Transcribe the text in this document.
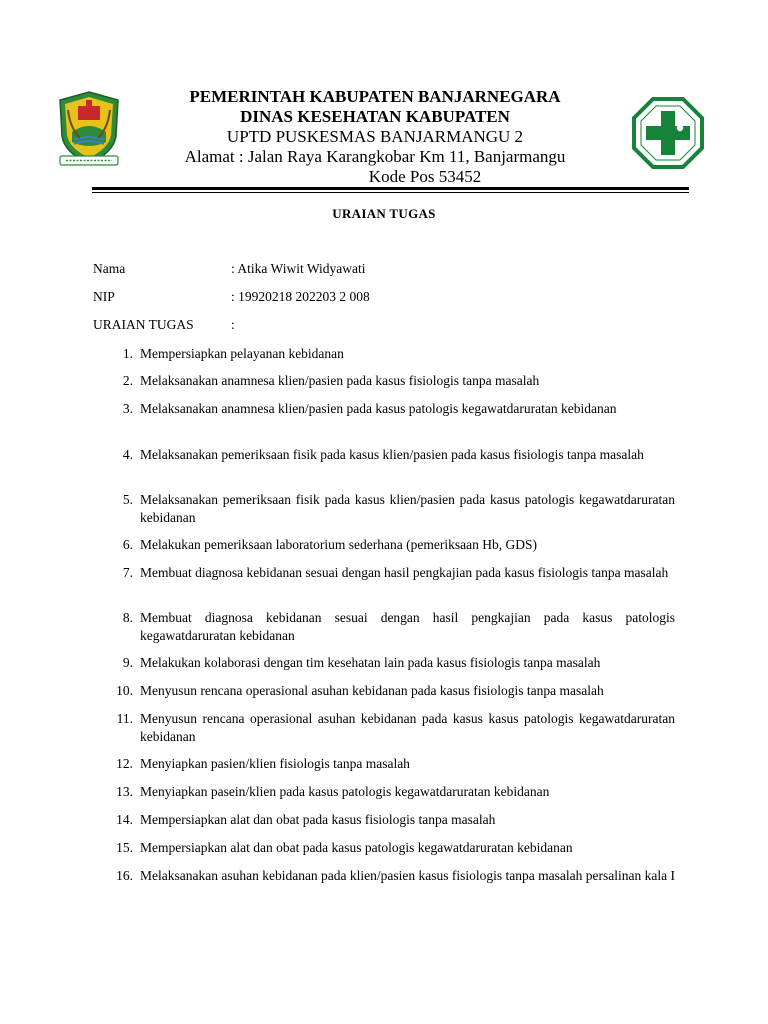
PEMERINTAH KABUPATEN BANJARNEGARA
DINAS KESEHATAN KABUPATEN
UPTD PUSKESMAS BANJARMANGU 2
Alamat : Jalan Raya Karangkobar Km 11, Banjarmangu
Kode Pos 53452
URAIAN TUGAS
Nama	: Atika Wiwit Widyawati
NIP	: 19920218 202203 2 008
URAIAN TUGAS	:
1. Mempersiapkan pelayanan kebidanan
2. Melaksanakan anamnesa klien/pasien pada kasus fisiologis tanpa masalah
3. Melaksanakan anamnesa klien/pasien pada kasus patologis kegawatdaruratan kebidanan
4. Melaksanakan pemeriksaan fisik pada kasus klien/pasien pada kasus fisiologis tanpa masalah
5. Melaksanakan pemeriksaan fisik pada kasus klien/pasien pada kasus patologis kegawatdaruratan kebidanan
6. Melakukan pemeriksaan laboratorium sederhana (pemeriksaan Hb, GDS)
7. Membuat diagnosa kebidanan sesuai dengan hasil pengkajian pada kasus fisiologis tanpa masalah
8. Membuat diagnosa kebidanan sesuai dengan hasil pengkajian pada kasus patologis kegawatdaruratan kebidanan
9. Melakukan kolaborasi dengan tim kesehatan lain pada kasus fisiologis tanpa masalah
10. Menyusun rencana operasional asuhan kebidanan pada kasus fisiologis tanpa masalah
11. Menyusun rencana operasional asuhan kebidanan pada kasus kasus patologis kegawatdaruratan kebidanan
12. Menyiapkan pasien/klien fisiologis tanpa masalah
13. Menyiapkan pasein/klien pada kasus patologis kegawatdaruratan kebidanan
14. Mempersiapkan alat dan obat pada kasus fisiologis tanpa masalah
15. Mempersiapkan alat dan obat pada kasus patologis kegawatdaruratan kebidanan
16. Melaksanakan asuhan kebidanan pada klien/pasien kasus fisiologis tanpa masalah persalinan kala I
